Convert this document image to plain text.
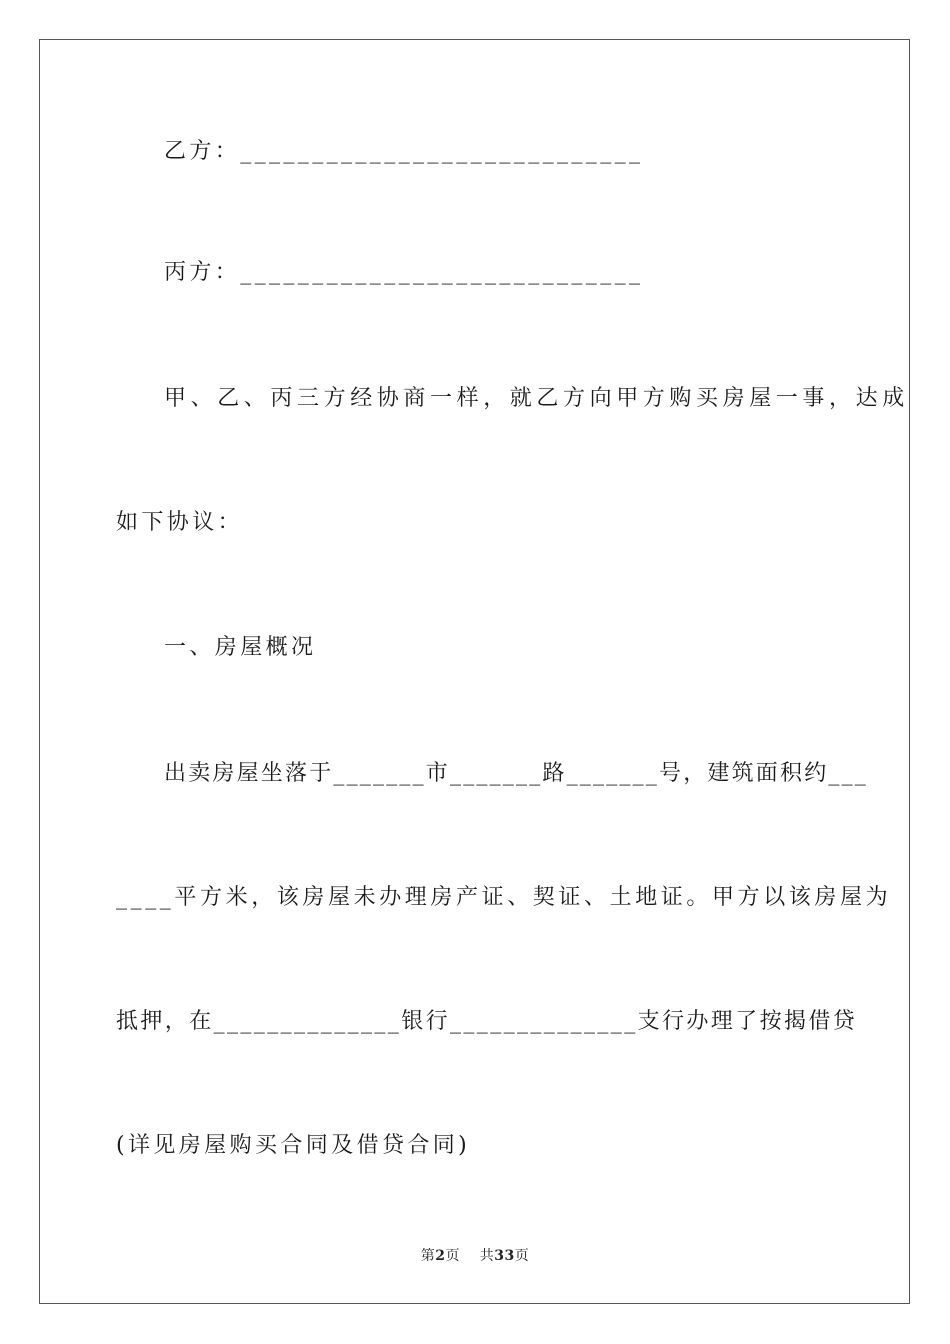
乙方：____________________________
丙方：____________________________
甲、乙、丙三方经协商一样，就乙方向甲方购买房屋一事，达成
如下协议：
一、房屋概况
出卖房屋坐落于_______市_______路_______号，建筑面积约___
____平方米，该房屋未办理房产证、契证、土地证。甲方以该房屋为
抵押，在______________银行______________支行办理了按揭借贷
(详见房屋购买合同及借贷合同)
第2页 共33页
